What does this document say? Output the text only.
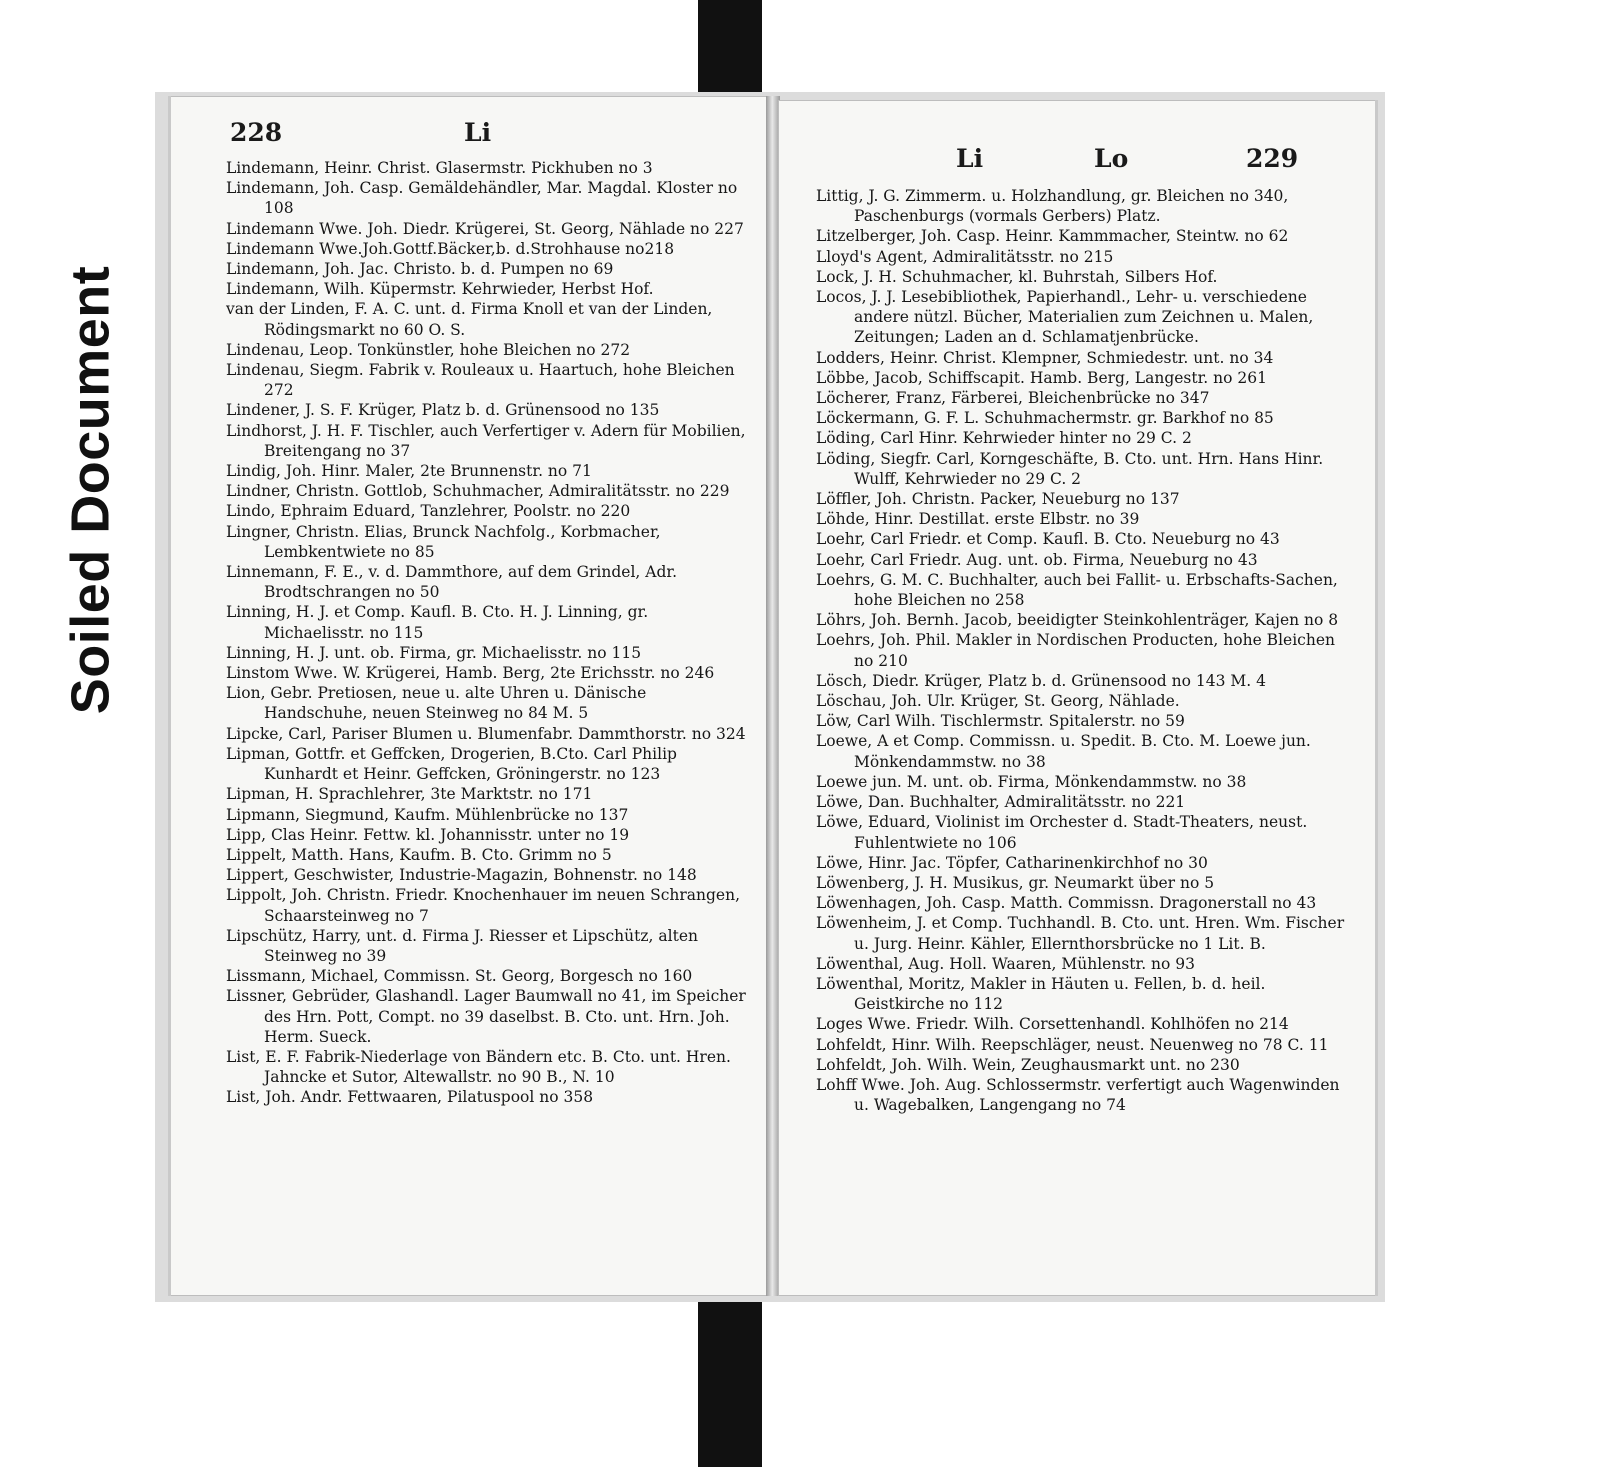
Soiled Document
228	Li
Lindemann, Heinr. Christ. Glasermstr. Pickhuben no 3
Lindemann, Joh. Casp. Gemäldehändler, Mar. Magdal. Kloster no 108
Lindemann Wwe. Joh. Diedr. Krügerei, St. Georg, Nählade no 227
Lindemann Wwe.Joh.Gottf.Bäcker,b. d.Strohhause no218
Lindemann, Joh. Jac. Christo. b. d. Pumpen no 69
Lindemann, Wilh. Küpermstr. Kehrwieder, Herbst Hof.
van der Linden, F. A. C. unt. d. Firma Knoll et van der Linden, Rödingsmarkt no 60 O. S.
Lindenau, Leop. Tonkünstler, hohe Bleichen no 272
Lindenau, Siegm. Fabrik v. Rouleaux u. Haartuch, hohe Bleichen 272
Lindener, J. S. F. Krüger, Platz b. d. Grünensood no 135
Lindhorst, J. H. F. Tischler, auch Verfertiger v. Adern für Mobilien, Breitengang no 37
Lindig, Joh. Hinr. Maler, 2te Brunnenstr. no 71
Lindner, Christn. Gottlob, Schuhmacher, Admiralitätsstr. no 229
Lindo, Ephraim Eduard, Tanzlehrer, Poolstr. no 220
Lingner, Christn. Elias, Brunck Nachfolg., Korbmacher, Lembkentwiete no 85
Linnemann, F. E., v. d. Dammthore, auf dem Grindel, Adr. Brodtschrangen no 50
Linning, H. J. et Comp. Kaufl. B. Cto. H. J. Linning, gr. Michaelisstr. no 115
Linning, H. J. unt. ob. Firma, gr. Michaelisstr. no 115
Linstom Wwe. W. Krügerei, Hamb. Berg, 2te Erichsstr. no 246
Lion, Gebr. Pretiosen, neue u. alte Uhren u. Dänische Handschuhe, neuen Steinweg no 84 M. 5
Lipcke, Carl, Pariser Blumen u. Blumenfabr. Dammthorstr. no 324
Lipman, Gottfr. et Geffcken, Drogerien, B.Cto. Carl Philip Kunhardt et Heinr. Geffcken, Gröningerstr. no 123
Lipman, H. Sprachlehrer, 3te Marktstr. no 171
Lipmann, Siegmund, Kaufm. Mühlenbrücke no 137
Lipp, Clas Heinr. Fettw. kl. Johannisstr. unter no 19
Lippelt, Matth. Hans, Kaufm. B. Cto. Grimm no 5
Lippert, Geschwister, Industrie-Magazin, Bohnenstr. no 148
Lippolt, Joh. Christn. Friedr. Knochenhauer im neuen Schrangen, Schaarsteinweg no 7
Lipschütz, Harry, unt. d. Firma J. Riesser et Lipschütz, alten Steinweg no 39
Lissmann, Michael, Commissn. St. Georg, Borgesch no 160
Lissner, Gebrüder, Glashandl. Lager Baumwall no 41, im Speicher des Hrn. Pott, Compt. no 39 daselbst. B. Cto. unt. Hrn. Joh. Herm. Sueck.
List, E. F. Fabrik-Niederlage von Bändern etc. B. Cto. unt. Hren. Jahncke et Sutor, Altewallstr. no 90 B., N. 10
List, Joh. Andr. Fettwaaren, Pilatuspool no 358
Li	Lo	229
Littig, J. G. Zimmerm. u. Holzhandlung, gr. Bleichen no 340, Paschenburgs (vormals Gerbers) Platz.
Litzelberger, Joh. Casp. Heinr. Kammmacher, Steintw. no 62
Lloyd's Agent, Admiralitätsstr. no 215
Lock, J. H. Schuhmacher, kl. Buhrstah, Silbers Hof.
Locos, J. J. Lesebibliothek, Papierhandl., Lehr- u. verschiedene andere nützl. Bücher, Materialien zum Zeichnen u. Malen, Zeitungen; Laden an d. Schlamatjenbrücke.
Lodders, Heinr. Christ. Klempner, Schmiedestr. unt. no 34
Löbbe, Jacob, Schiffscapit. Hamb. Berg, Langestr. no 261
Löcherer, Franz, Färberei, Bleichenbrücke no 347
Löckermann, G. F. L. Schuhmachermstr. gr. Barkhof no 85
Löding, Carl Hinr. Kehrwieder hinter no 29 C. 2
Löding, Siegfr. Carl, Korngeschäfte, B. Cto. unt. Hrn. Hans Hinr. Wulff, Kehrwieder no 29 C. 2
Löffler, Joh. Christn. Packer, Neueburg no 137
Löhde, Hinr. Destillat. erste Elbstr. no 39
Loehr, Carl Friedr. et Comp. Kaufl. B. Cto. Neueburg no 43
Loehr, Carl Friedr. Aug. unt. ob. Firma, Neueburg no 43
Loehrs, G. M. C. Buchhalter, auch bei Fallit- u. Erbschafts-Sachen, hohe Bleichen no 258
Löhrs, Joh. Bernh. Jacob, beeidigter Steinkohlenträger, Kajen no 8
Loehrs, Joh. Phil. Makler in Nordischen Producten, hohe Bleichen no 210
Lösch, Diedr. Krüger, Platz b. d. Grünensood no 143 M. 4
Löschau, Joh. Ulr. Krüger, St. Georg, Nählade.
Löw, Carl Wilh. Tischlermstr. Spitalerstr. no 59
Loewe, A et Comp. Commissn. u. Spedit. B. Cto. M. Loewe jun. Mönkendammstw. no 38
Loewe jun. M. unt. ob. Firma, Mönkendammstw. no 38
Löwe, Dan. Buchhalter, Admiralitätsstr. no 221
Löwe, Eduard, Violinist im Orchester d. Stadt-Theaters, neust. Fuhlentwiete no 106
Löwe, Hinr. Jac. Töpfer, Catharinenkirchhof no 30
Löwenberg, J. H. Musikus, gr. Neumarkt über no 5
Löwenhagen, Joh. Casp. Matth. Commissn. Dragonerstall no 43
Löwenheim, J. et Comp. Tuchhandl. B. Cto. unt. Hren. Wm. Fischer u. Jurg. Heinr. Kähler, Ellernthorsbrücke no 1 Lit. B.
Löwenthal, Aug. Holl. Waaren, Mühlenstr. no 93
Löwenthal, Moritz, Makler in Häuten u. Fellen, b. d. heil. Geistkirche no 112
Loges Wwe. Friedr. Wilh. Corsettenhandl. Kohlhöfen no 214
Lohfeldt, Hinr. Wilh. Reepschläger, neust. Neuenweg no 78 C. 11
Lohfeldt, Joh. Wilh. Wein, Zeughausmarkt unt. no 230
Lohff Wwe. Joh. Aug. Schlossermstr. verfertigt auch Wagenwinden u. Wagebalken, Langengang no 74
